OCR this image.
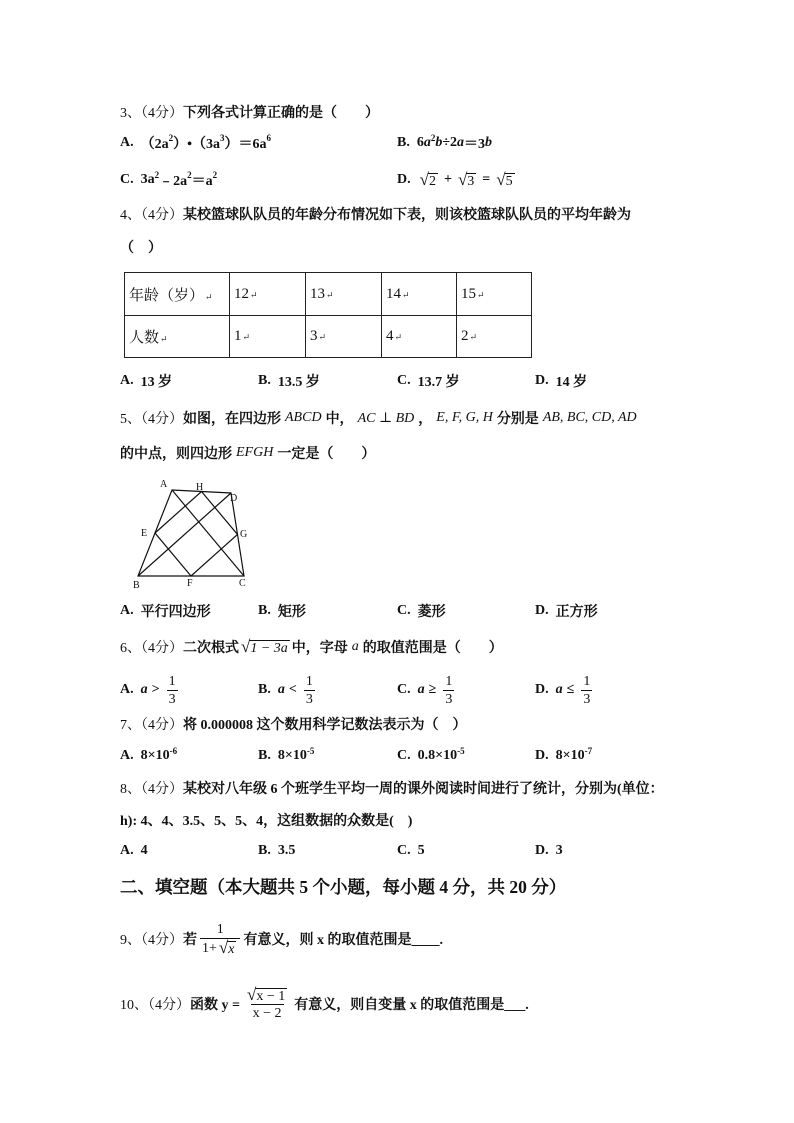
3、（4分） 下列各式计算正确的是（　　）
A. （$2a^2$ ）$•(3a^3$ ）$=6a^6$	B. 6 $a^2$ b ÷2 a ＝3 b
C. $3a^2$ $﹣2a^2 =a^2$	D. √ 2 + √ 3 = √ 5
4、（4分） 某校篮球队队员的年龄分布情况如下表，则该校篮球队队员的平均年龄为
（　）
年龄（岁）↵	12↵	13↵	14↵	15↵
人数↵	1↵	3↵	4↵	2↵
A. 13 岁	B. 13.5 岁	C. 13.7 岁	D. 14 岁
5、（4分） 如图，在四边形 ABCD 中， AC ⊥ BD ， E, F, G, H 分别是 AB, BC, CD, AD
的中点，则四边形 EFGH 一定是（　　）
A	H
D
E	G
B	F	C
A. 平行四边形	B. 矩形	C. 菱形	D. 正方形
6、（4分） 二次根式 √ 1 − 3a 中，字母 a 的取值范围是（　　）
A. $a > \frac{1}{3}$	B. $a < \frac{1}{3}$	C. $a \ge \frac{1}{3}$	D. $a \le \frac{1}{3}$
7、（4分） 将 0.000008 这个数用科学记数法表示为（　）
A. $8\times 10^{-6}$	B. $8\times 10^{-5}$	C. $0.8\times 10^{-5}$	D. $8\times 10^{-7}$
8、（4分） 某校对八年级 6 个班学生平均一周的课外阅读时间进行了统计，分别为(单位：
h): 4、4、3.5、5、5、4，这组数据的众数是(　)
A. 4	B. 3.5	C. 5	D. 3
二、填空题（本大题共 5 个小题，每小题 4 分，共 20 分）
9、（4分） 若 $\frac{1}{1+ √ x}$ 有意义，则 x 的取值范围是____.
10、（4分） 函数 $y = \frac{√ x - 1}{x - 2}$ 有意义，则自变量 x 的取值范围是___.
